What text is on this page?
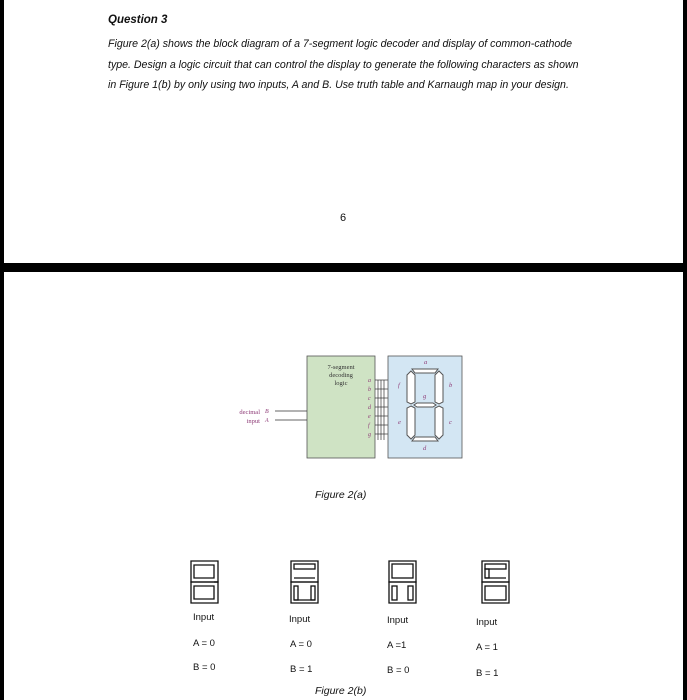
Question 3
Figure 2(a) shows the block diagram of a 7-segment logic decoder and display of common-cathode type. Design a logic circuit that can control the display to generate the following characters as shown in Figure 1(b) by only using two inputs, A and B. Use truth table and Karnaugh map in your design.
6
7-segment
decoding
logic	a
b
c
d
e
f
g
decimal
input
B
A
a
b
c
d
e
f
g
Figure 2(a)
Input
A = 0
B = 0
Input
A = 0
B = 1
Input
A =1
B = 0
Input
A = 1
B = 1
Figure 2(b)
